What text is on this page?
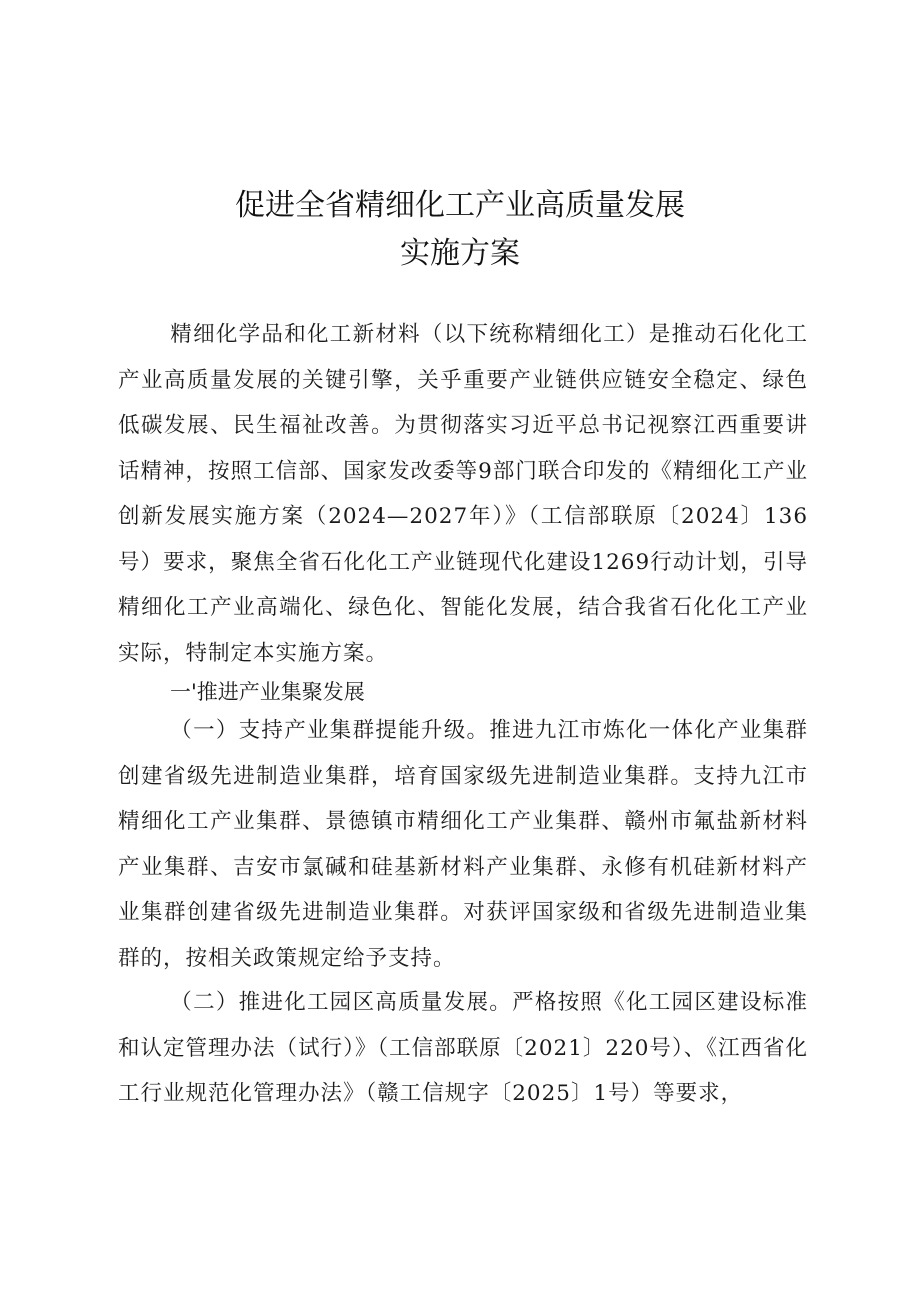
促进全省精细化工产业高质量发展
实施方案

精细化学品和化工新材料（以下统称精细化工）是推动石化化工产业高质量发展的关键引擎，关乎重要产业链供应链安全稳定、绿色低碳发展、民生福祉改善。为贯彻落实习近平总书记视察江西重要讲话精神，按照工信部、国家发改委等9部门联合印发的《精细化工产业创新发展实施方案（2024—2027年）》（工信部联原〔2024〕136号）要求，聚焦全省石化化工产业链现代化建设1269行动计划，引导精细化工产业高端化、绿色化、智能化发展，结合我省石化化工产业实际，特制定本实施方案。

一'推进产业集聚发展

（一）支持产业集群提能升级。推进九江市炼化一体化产业集群创建省级先进制造业集群，培育国家级先进制造业集群。支持九江市精细化工产业集群、景德镇市精细化工产业集群、赣州市氟盐新材料产业集群、吉安市氯碱和硅基新材料产业集群、永修有机硅新材料产业集群创建省级先进制造业集群。对获评国家级和省级先进制造业集群的，按相关政策规定给予支持。

（二）推进化工园区高质量发展。严格按照《化工园区建设标准和认定管理办法（试行）》（工信部联原〔2021〕220号）、《江西省化工行业规范化管理办法》（赣工信规字〔2025〕1号）等要求，
